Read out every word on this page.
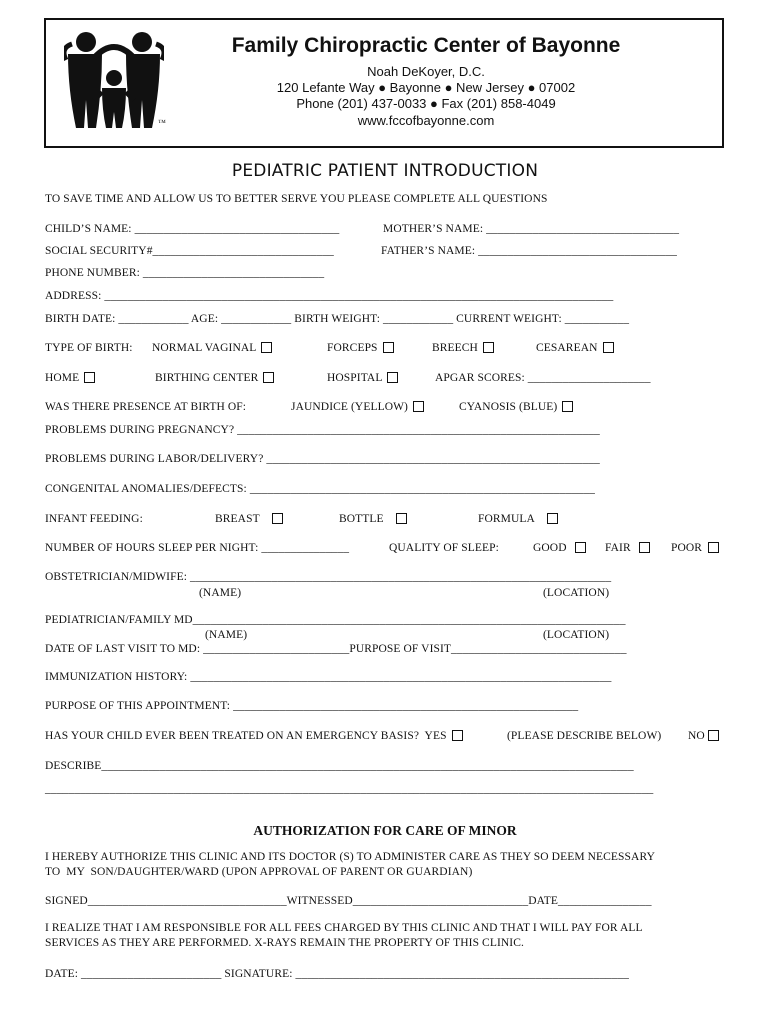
™
Family Chiropractic Center of Bayonne
Noah DeKoyer, D.C.
120 Lefante Way ● Bayonne ● New Jersey ● 07002
Phone (201) 437-0033 ● Fax (201) 858-4049
www.fccofbayonne.com
PEDIATRIC PATIENT INTRODUCTION
TO SAVE TIME AND ALLOW US TO BETTER SERVE YOU PLEASE COMPLETE ALL QUESTIONS
CHILD’S NAME: ___________________________________	MOTHER’S NAME: _________________________________
SOCIAL SECURITY#_______________________________	FATHER’S NAME: __________________________________
PHONE NUMBER: _______________________________
ADDRESS: _______________________________________________________________________________________
BIRTH DATE: ____________ AGE: ____________ BIRTH WEIGHT: ____________ CURRENT WEIGHT: ___________
TYPE OF BIRTH: NORMAL VAGINAL	FORCEPS	BREECH	CESAREAN
HOME	BIRTHING CENTER	HOSPITAL	APGAR SCORES: _____________________
WAS THERE PRESENCE AT BIRTH OF:	JAUNDICE (YELLOW)	CYANOSIS (BLUE)
PROBLEMS DURING PREGNANCY? ______________________________________________________________
PROBLEMS DURING LABOR/DELIVERY? _________________________________________________________
CONGENITAL ANOMALIES/DEFECTS: ___________________________________________________________
INFANT FEEDING:	BREAST	BOTTLE	FORMULA
NUMBER OF HOURS SLEEP PER NIGHT: _______________	QUALITY OF SLEEP:	GOOD	FAIR	POOR
OBSTETRICIAN/MIDWIFE: ________________________________________________________________________
(NAME)	(LOCATION)
PEDIATRICIAN/FAMILY MD__________________________________________________________________________
(NAME)	(LOCATION)
DATE OF LAST VISIT TO MD: _________________________PURPOSE OF VISIT______________________________
IMMUNIZATION HISTORY: ________________________________________________________________________
PURPOSE OF THIS APPOINTMENT: ___________________________________________________________
HAS YOUR CHILD EVER BEEN TREATED ON AN EMERGENCY BASIS?  YES	(PLEASE DESCRIBE BELOW) NO
DESCRIBE___________________________________________________________________________________________
________________________________________________________________________________________________________
AUTHORIZATION FOR CARE OF MINOR
I HEREBY AUTHORIZE THIS CLINIC AND ITS DOCTOR (S) TO ADMINISTER CARE AS THEY SO DEEM NECESSARY
TO  MY  SON/DAUGHTER/WARD (UPON APPROVAL OF PARENT OR GUARDIAN)
SIGNED__________________________________WITNESSED______________________________DATE________________
I REALIZE THAT I AM RESPONSIBLE FOR ALL FEES CHARGED BY THIS CLINIC AND THAT I WILL PAY FOR ALL
SERVICES AS THEY ARE PERFORMED. X-RAYS REMAIN THE PROPERTY OF THIS CLINIC.
DATE: ________________________ SIGNATURE: _________________________________________________________
